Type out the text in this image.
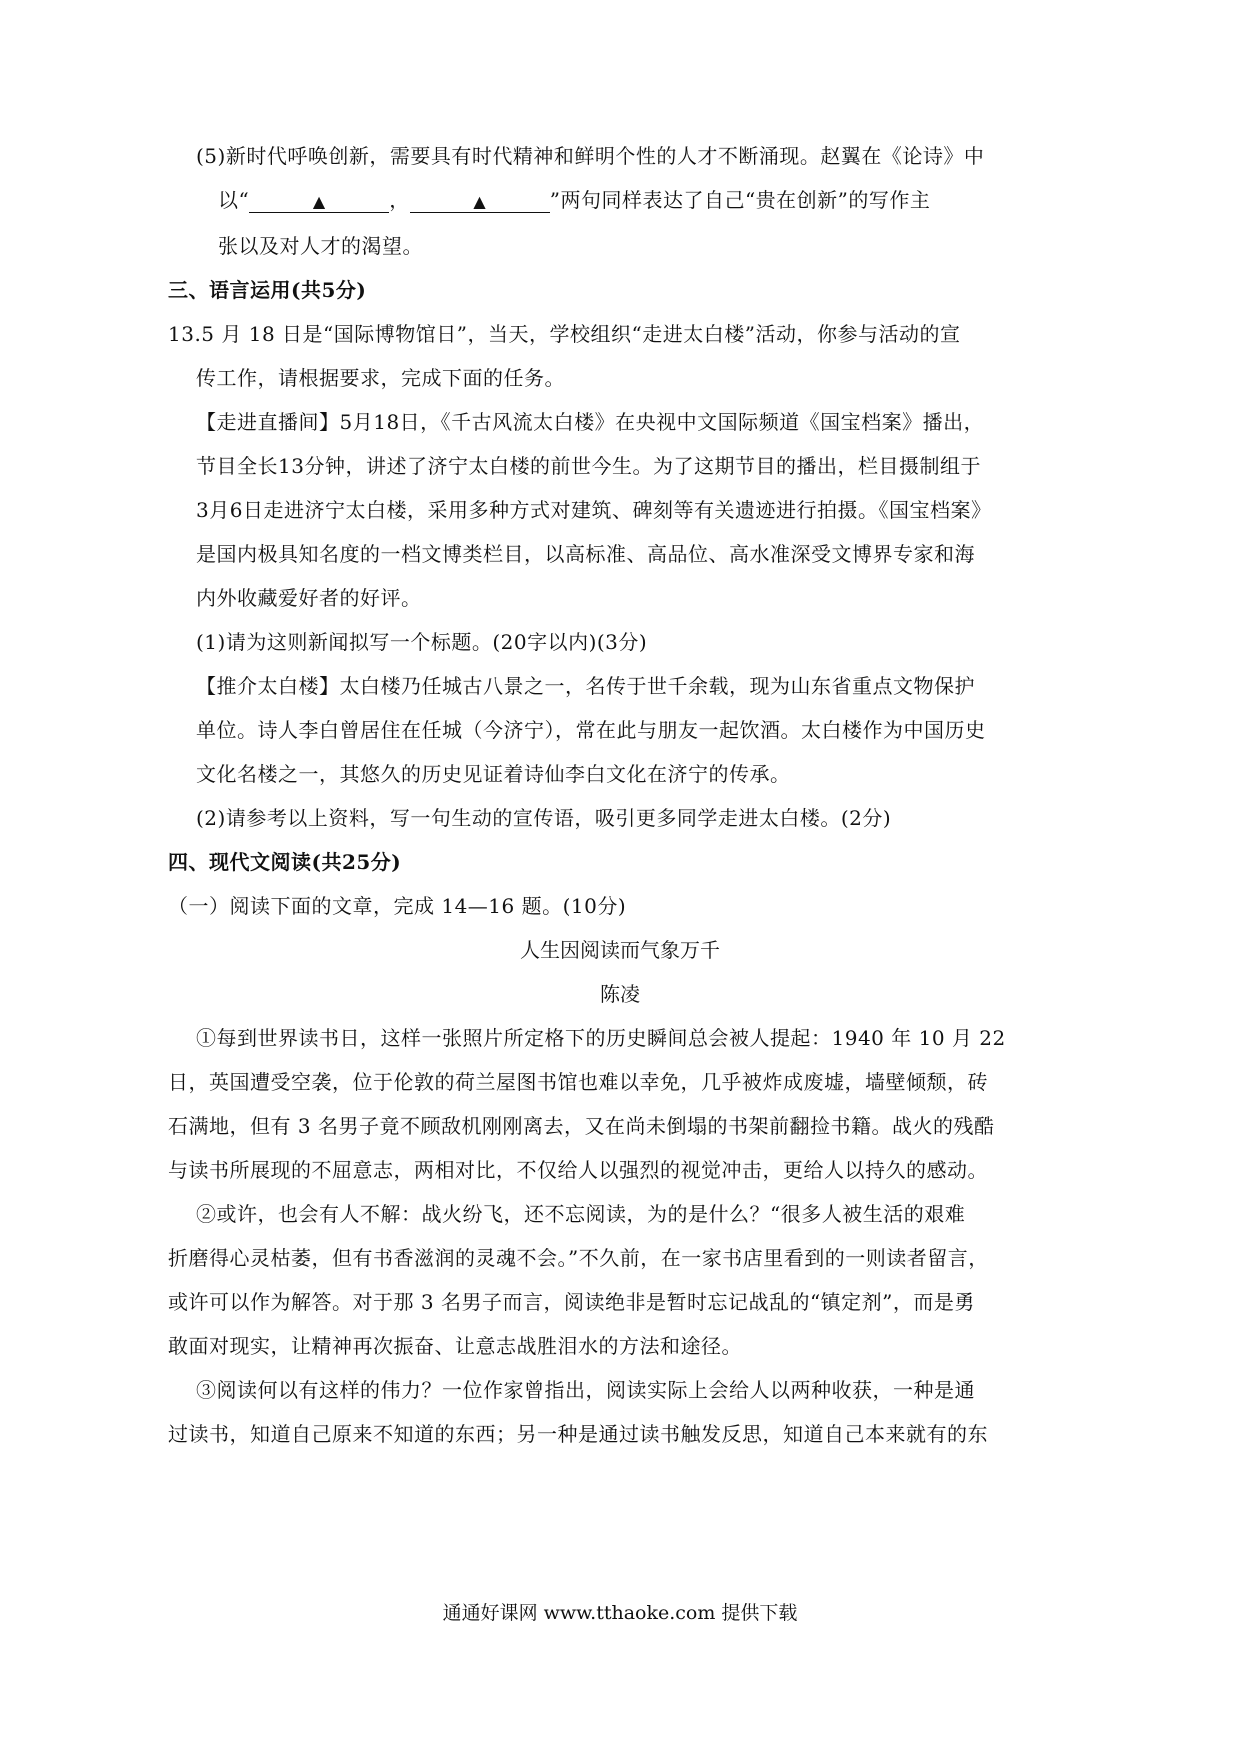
(5)新时代呼唤创新，需要具有时代精神和鲜明个性的人才不断涌现。赵翼在《论诗》中
以“	▲	，	▲	”两句同样表达了自己“贵在创新”的写作主
张以及对人才的渴望。
三、语言运用(共5分)
13.5 月 18 日是“国际博物馆日”，当天，学校组织“走进太白楼”活动，你参与活动的宣
传工作，请根据要求，完成下面的任务。
【走进直播间】5月18日，《千古风流太白楼》在央视中文国际频道《国宝档案》播出，
节目全长13分钟，讲述了济宁太白楼的前世今生。为了这期节目的播出，栏目摄制组于
3月6日走进济宁太白楼，采用多种方式对建筑、碑刻等有关遗迹进行拍摄。《国宝档案》
是国内极具知名度的一档文博类栏目，以高标准、高品位、高水准深受文博界专家和海
内外收藏爱好者的好评。
(1)请为这则新闻拟写一个标题。(20字以内)(3分)
【推介太白楼】太白楼乃任城古八景之一，名传于世千余载，现为山东省重点文物保护
单位。诗人李白曾居住在任城（今济宁），常在此与朋友一起饮酒。太白楼作为中国历史
文化名楼之一，其悠久的历史见证着诗仙李白文化在济宁的传承。
(2)请参考以上资料，写一句生动的宣传语，吸引更多同学走进太白楼。(2分)
四、现代文阅读(共25分)
（一）阅读下面的文章，完成 14—16 题。(10分)
人生因阅读而气象万千
陈凌
①每到世界读书日，这样一张照片所定格下的历史瞬间总会被人提起：1940 年 10 月 22
日，英国遭受空袭，位于伦敦的荷兰屋图书馆也难以幸免，几乎被炸成废墟，墙壁倾颓，砖
石满地，但有 3 名男子竟不顾敌机刚刚离去，又在尚未倒塌的书架前翻捡书籍。战火的残酷
与读书所展现的不屈意志，两相对比，不仅给人以强烈的视觉冲击，更给人以持久的感动。
②或许，也会有人不解：战火纷飞，还不忘阅读，为的是什么？“很多人被生活的艰难
折磨得心灵枯萎，但有书香滋润的灵魂不会。”不久前，在一家书店里看到的一则读者留言，
或许可以作为解答。对于那 3 名男子而言，阅读绝非是暂时忘记战乱的“镇定剂”，而是勇
敢面对现实，让精神再次振奋、让意志战胜泪水的方法和途径。
③阅读何以有这样的伟力？一位作家曾指出，阅读实际上会给人以两种收获，一种是通
过读书，知道自己原来不知道的东西；另一种是通过读书触发反思，知道自己本来就有的东
通通好课网 www.tthaoke.com 提供下载
